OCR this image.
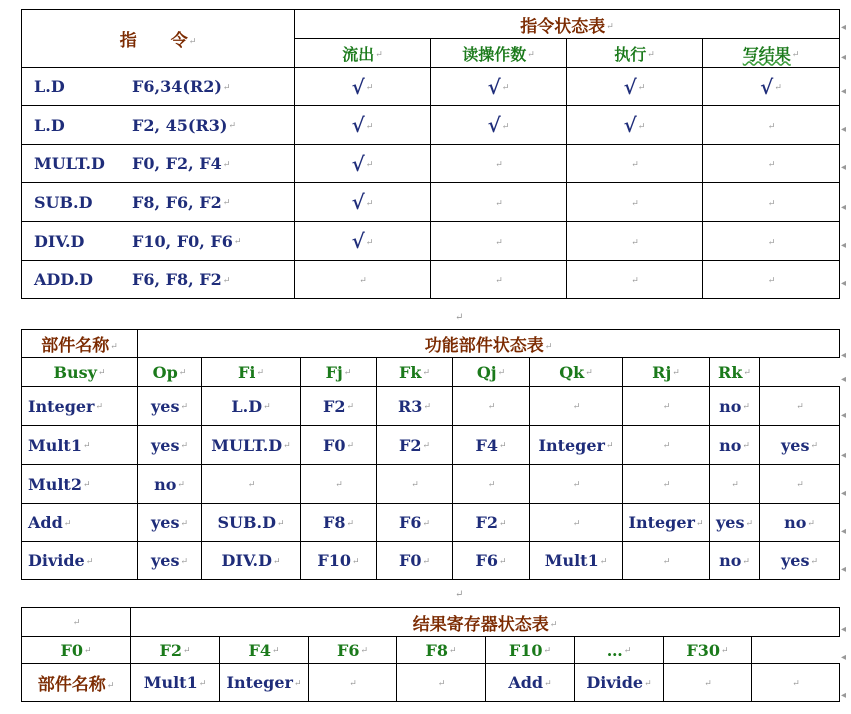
指　　令↵	指令状态表↵			
	流出↵	读操作数↵	执行↵	写结果↵
L.D F6,34(R2)↵	√↵	√↵	√↵	√↵
L.D F2, 45(R3)↵	√↵	√↵	√↵	↵
MULT.D F0, F2, F4↵	√↵	↵	↵	↵
SUB.D F8, F6, F2↵	√↵	↵	↵	↵
DIV.D F10, F0, F6↵	√↵	↵	↵	↵
ADD.D F6, F8, F2↵	↵	↵	↵	↵
↵
部件名称↵	功能部件状态表↵								
Busy↵	Op↵	Fi↵	Fj↵	Fk↵	Qj↵	Qk↵	Rj↵	Rk↵	
Integer↵	yes↵	L.D↵	F2↵	R3↵	↵	↵	↵	no↵	↵
Mult1↵	yes↵	MULT.D↵	F0↵	F2↵	F4↵	Integer↵	↵	no↵	yes↵
Mult2↵	no↵	↵	↵	↵	↵	↵	↵	↵	↵
Add↵	yes↵	SUB.D↵	F8↵	F6↵	F2↵	↵	Integer↵	yes↵	no↵
Divide↵	yes↵	DIV.D↵	F10↵	F0↵	F6↵	Mult1↵	↵	no↵	yes↵
↵
↵	结果寄存器状态表↵							
F0↵	F2↵	F4↵	F6↵	F8↵	F10↵	…↵	F30↵	
部件名称↵	Mult1↵	Integer↵	↵	↵	Add↵	Divide↵	↵	↵
◂
◂
◂
◂
◂
◂
◂
◂
◂
◂
◂
◂
◂
◂
◂
◂
◂
◂
